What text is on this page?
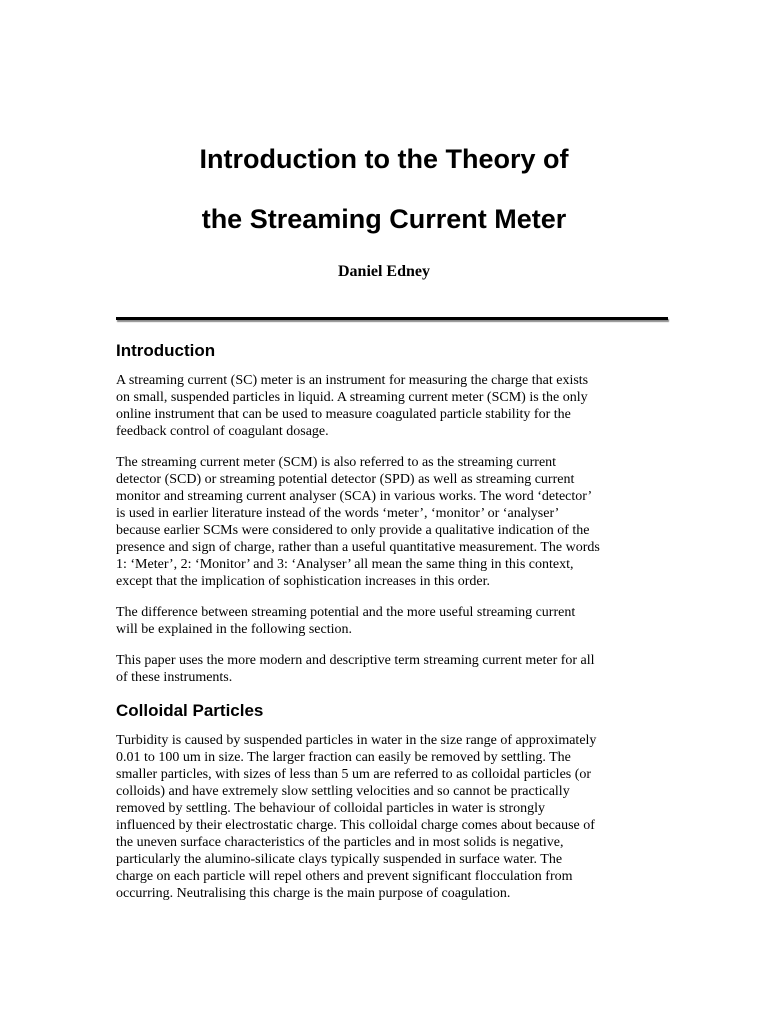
Introduction to the Theory of
the Streaming Current Meter
Daniel Edney
Introduction

A streaming current (SC) meter is an instrument for measuring the charge that exists
on small, suspended particles in liquid. A streaming current meter (SCM) is the only
online instrument that can be used to measure coagulated particle stability for the
feedback control of coagulant dosage.

The streaming current meter (SCM) is also referred to as the streaming current
detector (SCD) or streaming potential detector (SPD) as well as streaming current
monitor and streaming current analyser (SCA) in various works. The word ‘detector’
is used in earlier literature instead of the words ‘meter’, ‘monitor’ or ‘analyser’
because earlier SCMs were considered to only provide a qualitative indication of the
presence and sign of charge, rather than a useful quantitative measurement. The words
1: ‘Meter’, 2: ‘Monitor’ and 3: ‘Analyser’ all mean the same thing in this context,
except that the implication of sophistication increases in this order.

The difference between streaming potential and the more useful streaming current
will be explained in the following section.

This paper uses the more modern and descriptive term streaming current meter for all
of these instruments.

Colloidal Particles

Turbidity is caused by suspended particles in water in the size range of approximately
0.01 to 100 um in size. The larger fraction can easily be removed by settling. The
smaller particles, with sizes of less than 5 um are referred to as colloidal particles (or
colloids) and have extremely slow settling velocities and so cannot be practically
removed by settling. The behaviour of colloidal particles in water is strongly
influenced by their electrostatic charge. This colloidal charge comes about because of
the uneven surface characteristics of the particles and in most solids is negative,
particularly the alumino-silicate clays typically suspended in surface water. The
charge on each particle will repel others and prevent significant flocculation from
occurring. Neutralising this charge is the main purpose of coagulation.
